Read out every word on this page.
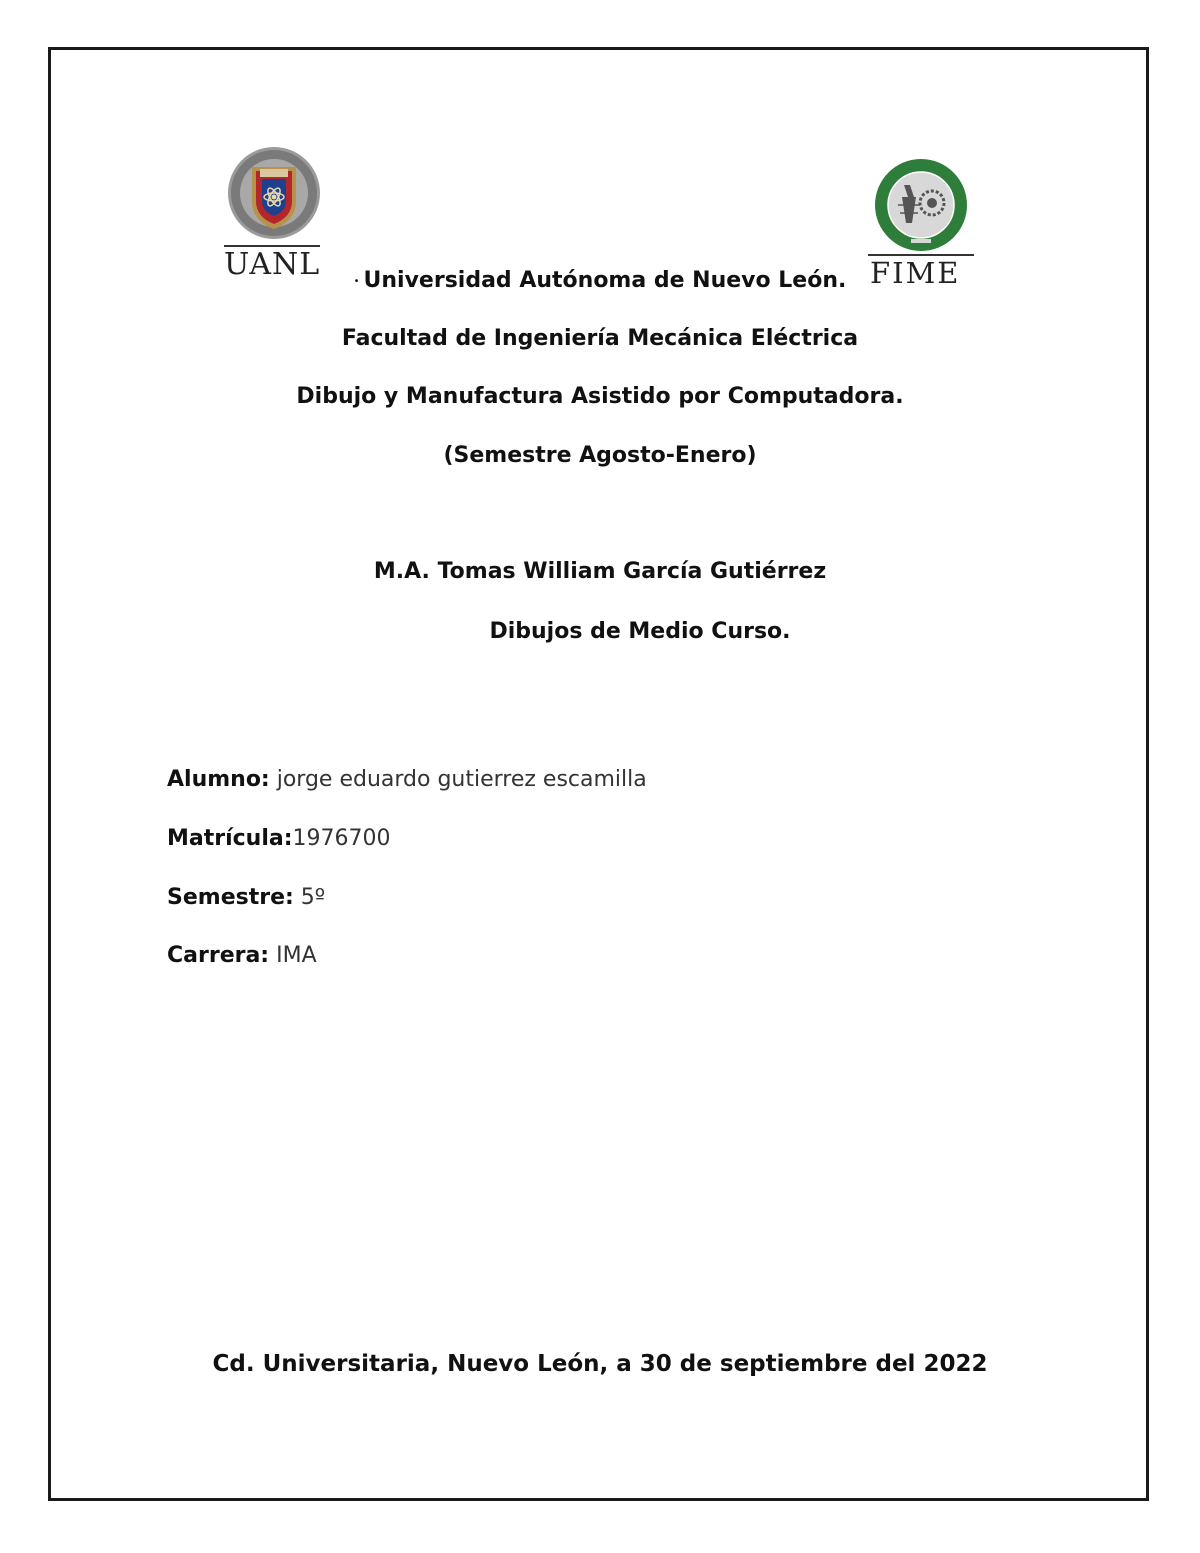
UANL	FIME
• Universidad Autónoma de Nuevo León.
Facultad de Ingeniería Mecánica Eléctrica
Dibujo y Manufactura Asistido por Computadora.
(Semestre Agosto-Enero)
M.A. Tomas William García Gutiérrez
Dibujos de Medio Curso.
Alumno: jorge eduardo gutierrez escamilla
Matrícula:1976700
Semestre: 5º
Carrera: IMA
Cd. Universitaria, Nuevo León, a 30 de septiembre del 2022
